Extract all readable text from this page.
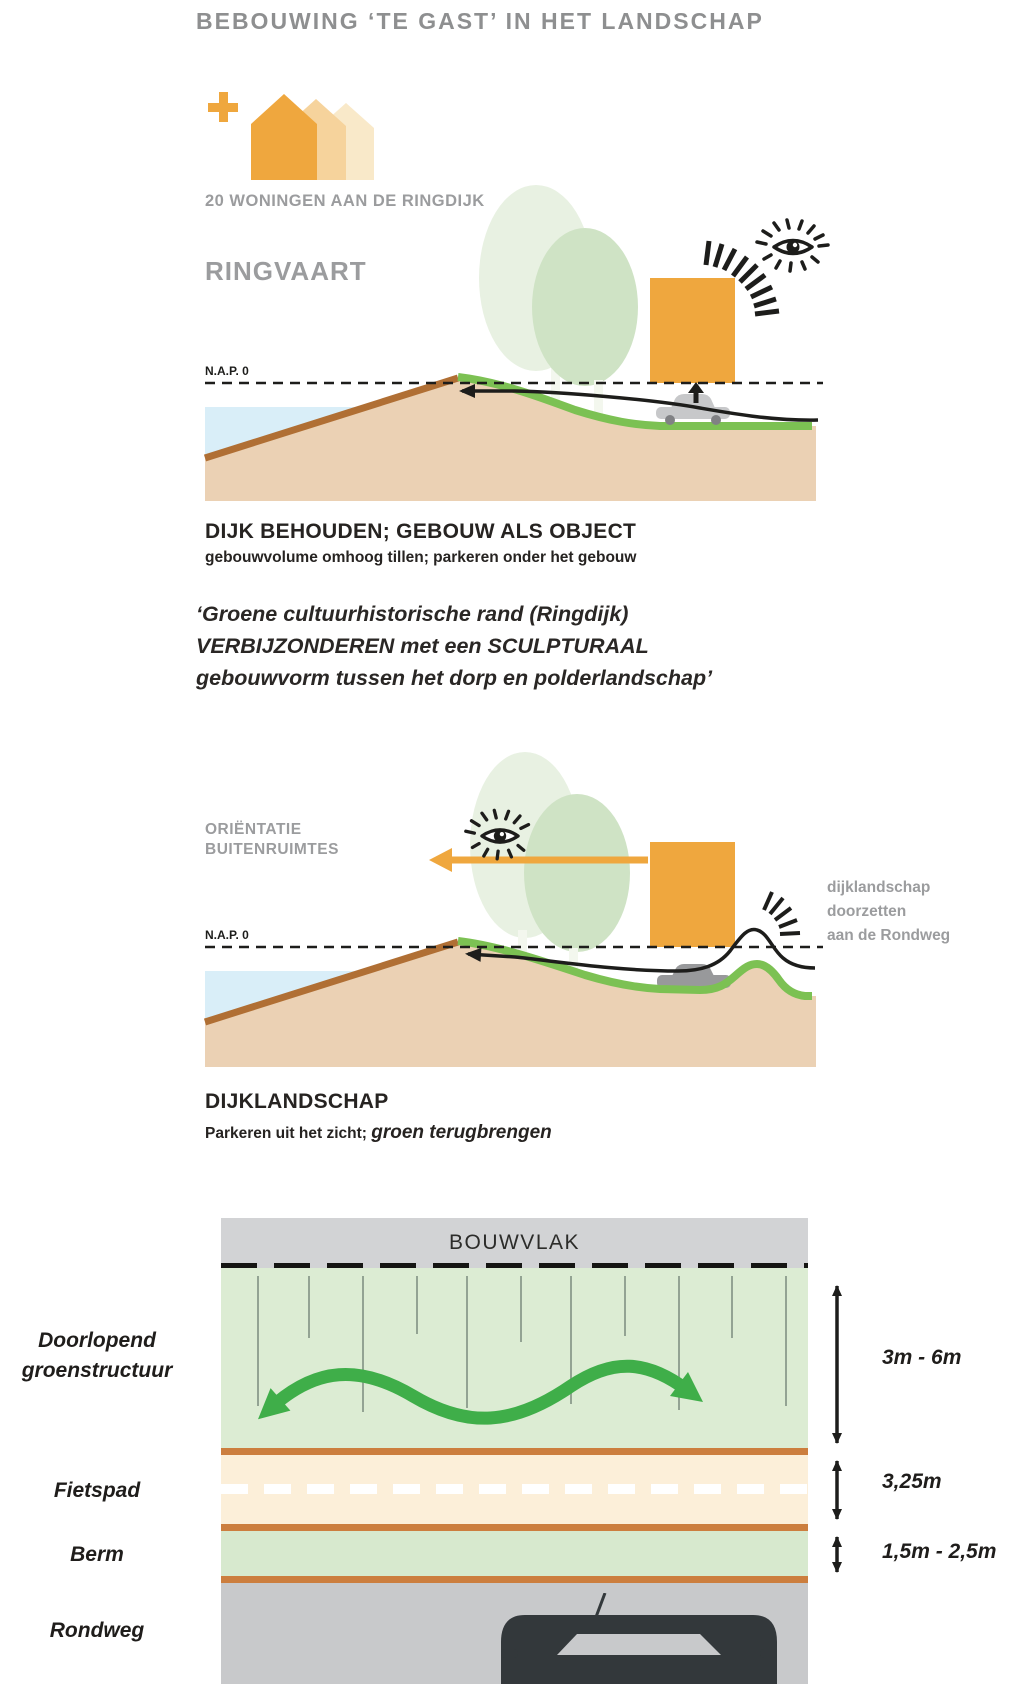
BEBOUWING ‘TE GAST’ IN HET LANDSCHAP
20 WONINGEN AAN DE RINGDIJK
RINGVAART
N.A.P. 0
DIJK BEHOUDEN; GEBOUW ALS OBJECT
gebouwvolume omhoog tillen; parkeren onder het gebouw
‘Groene cultuurhistorische rand (Ringdijk)
VERBIJZONDEREN met een SCULPTURAAL
gebouwvorm tussen het dorp en polderlandschap’
ORIËNTATIE
BUITENRUIMTES
dijklandschap
doorzetten
aan de Rondweg
N.A.P. 0
DIJKLANDSCHAP
Parkeren uit het zicht; groen terugbrengen
BOUWVLAK
Doorlopend
groenstructuur
Fietspad
Berm
Rondweg
3m - 6m
3,25m
1,5m - 2,5m
